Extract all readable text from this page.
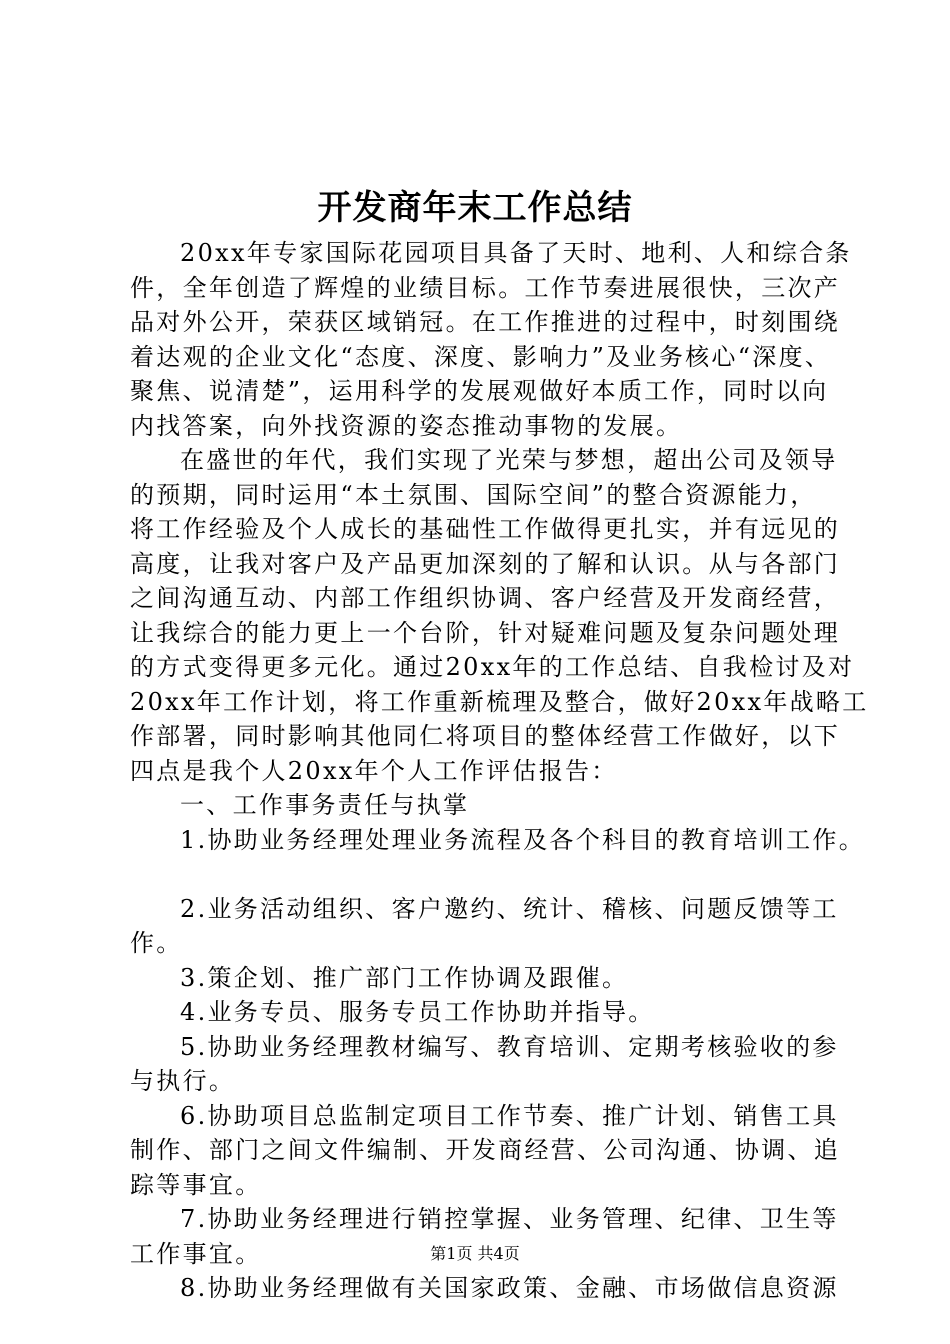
开发商年末工作总结
20xx年专家国际花园项目具备了天时、地利、人和综合条
件，全年创造了辉煌的业绩目标。工作节奏进展很快，三次产
品对外公开，荣获区域销冠。在工作推进的过程中，时刻围绕
着达观的企业文化“态度、深度、影响力”及业务核心“深度、
聚焦、说清楚”，运用科学的发展观做好本质工作，同时以向
内找答案，向外找资源的姿态推动事物的发展。
在盛世的年代，我们实现了光荣与梦想，超出公司及领导
的预期，同时运用“本土氛围、国际空间”的整合资源能力，
将工作经验及个人成长的基础性工作做得更扎实，并有远见的
高度，让我对客户及产品更加深刻的了解和认识。从与各部门
之间沟通互动、内部工作组织协调、客户经营及开发商经营，
让我综合的能力更上一个台阶，针对疑难问题及复杂问题处理
的方式变得更多元化。通过20xx年的工作总结、自我检讨及对
20xx年工作计划，将工作重新梳理及整合，做好20xx年战略工
作部署，同时影响其他同仁将项目的整体经营工作做好，以下
四点是我个人20xx年个人工作评估报告：
一、工作事务责任与执掌
1.协助业务经理处理业务流程及各个科目的教育培训工作。
2.业务活动组织、客户邀约、统计、稽核、问题反馈等工
作。
3.策企划、推广部门工作协调及跟催。
4.业务专员、服务专员工作协助并指导。
5.协助业务经理教材编写、教育培训、定期考核验收的参
与执行。
6.协助项目总监制定项目工作节奏、推广计划、销售工具
制作、部门之间文件编制、开发商经营、公司沟通、协调、追
踪等事宜。
7.协助业务经理进行销控掌握、业务管理、纪律、卫生等
工作事宜。
8.协助业务经理做有关国家政策、金融、市场做信息资源
第1页 共4页
